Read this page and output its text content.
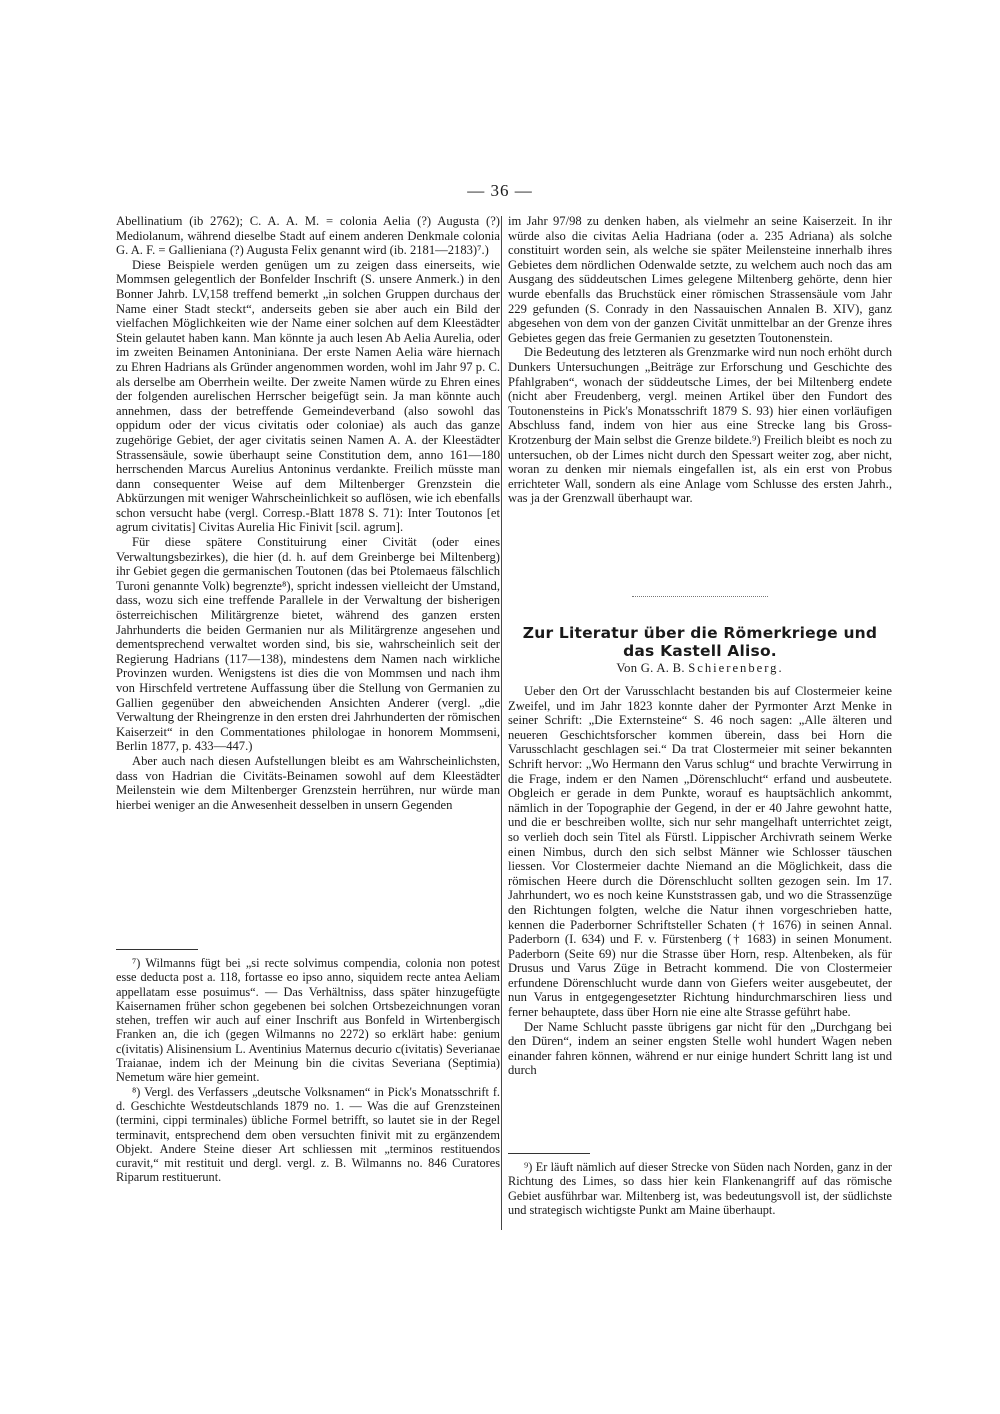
— 36 —

Abellinatium (ib 2762); C. A. A. M. = colonia Aelia (?) Augusta (?) Mediolanum, während dieselbe Stadt auf einem anderen Denkmale colonia G. A. F. = Gallieniana (?) Augusta Felix genannt wird (ib. 2181—2183)⁷.)

Diese Beispiele werden genügen um zu zeigen dass einerseits, wie Mommsen gelegentlich der Bonfelder Inschrift (S. unsere Anmerk.) in den Bonner Jahrb. LV,158 treffend bemerkt „in solchen Gruppen durchaus der Name einer Stadt steckt“, anderseits geben sie aber auch ein Bild der vielfachen Möglichkeiten wie der Name einer solchen auf dem Kleestädter Stein gelautet haben kann. Man könnte ja auch lesen Ab Aelia Aurelia, oder im zweiten Beinamen Antoniniana. Der erste Namen Aelia wäre hiernach zu Ehren Hadrians als Gründer angenommen worden, wohl im Jahr 97 p. C. als derselbe am Oberrhein weilte. Der zweite Namen würde zu Ehren eines der folgenden aurelischen Herrscher beigefügt sein. Ja man könnte auch annehmen, dass der betreffende Gemeindeverband (also sowohl das oppidum oder der vicus civitatis oder coloniae) als auch das ganze zugehörige Gebiet, der ager civitatis seinen Namen A. A. der Kleestädter Strassensäule, sowie überhaupt seine Constitution dem, anno 161—180 herrschenden Marcus Aurelius Antoninus verdankte. Freilich müsste man dann consequenter Weise auf dem Miltenberger Grenzstein die Abkürzungen mit weniger Wahrscheinlichkeit so auflösen, wie ich ebenfalls schon versucht habe (vergl. Corresp.-Blatt 1878 S. 71): Inter Toutonos [et agrum civitatis] Civitas Aurelia Hic Finivit [scil. agrum].

Für diese spätere Constituirung einer Civität (oder eines Verwaltungsbezirkes), die hier (d. h. auf dem Greinberge bei Miltenberg) ihr Gebiet gegen die germanischen Toutonen (das bei Ptolemaeus fälschlich Turoni genannte Volk) begrenzte⁸), spricht indessen vielleicht der Umstand, dass, wozu sich eine treffende Parallele in der Verwaltung der bisherigen österreichischen Militärgrenze bietet, während des ganzen ersten Jahrhunderts die beiden Germanien nur als Militärgrenze angesehen und dementsprechend verwaltet worden sind, bis sie, wahrscheinlich seit der Regierung Hadrians (117—138), mindestens dem Namen nach wirkliche Provinzen wurden. Wenigstens ist dies die von Mommsen und nach ihm von Hirschfeld vertretene Auffassung über die Stellung von Germanien zu Gallien gegenüber den abweichenden Ansichten Anderer (vergl. „die Verwaltung der Rheingrenze in den ersten drei Jahrhunderten der römischen Kaiserzeit“ in den Commentationes philologae in honorem Mommseni, Berlin 1877, p. 433—447.)

Aber auch nach diesen Aufstellungen bleibt es am Wahrscheinlichsten, dass von Hadrian die Civitäts-Beinamen sowohl auf dem Kleestädter Meilenstein wie dem Miltenberger Grenzstein herrühren, nur würde man hierbei weniger an die Anwesenheit desselben in unsern Gegenden

⁷) Wilmanns fügt bei „si recte solvimus compendia, colonia non potest esse deducta post a. 118, fortasse eo ipso anno, siquidem recte antea Aeliam appellatam esse posuimus“. — Das Verhältniss, dass später hinzugefügte Kaisernamen früher schon gegebenen bei solchen Ortsbezeichnungen voran stehen, treffen wir auch auf einer Inschrift aus Bonfeld in Wirtenbergisch Franken an, die ich (gegen Wilmanns no 2272) so erklärt habe: genium c(ivitatis) Alisinensium L. Aventinius Maternus decurio c(ivitatis) Severianae Traianae, indem ich der Meinung bin die civitas Severiana (Septimia) Nemetum wäre hier gemeint.

⁸) Vergl. des Verfassers „deutsche Volksnamen“ in Pick's Monatsschrift f. d. Geschichte Westdeutschlands 1879 no. 1. — Was die auf Grenzsteinen (termini, cippi terminales) übliche Formel betrifft, so lautet sie in der Regel terminavit, entsprechend dem oben versuchten finivit mit zu ergänzendem Objekt. Andere Steine dieser Art schliessen mit „terminos restituendos curavit,“ mit restituit und dergl. vergl. z. B. Wilmanns no. 846 Curatores Riparum restituerunt.

im Jahr 97/98 zu denken haben, als vielmehr an seine Kaiserzeit. In ihr würde also die civitas Aelia Hadriana (oder a. 235 Adriana) als solche constituirt worden sein, als welche sie später Meilensteine innerhalb ihres Gebietes dem nördlichen Odenwalde setzte, zu welchem auch noch das am Ausgang des süddeutschen Limes gelegene Miltenberg gehörte, denn hier wurde ebenfalls das Bruchstück einer römischen Strassensäule vom Jahr 229 gefunden (S. Conrady in den Nassauischen Annalen B. XIV), ganz abgesehen von dem von der ganzen Civität unmittelbar an der Grenze ihres Gebietes gegen das freie Germanien zu gesetzten Toutonenstein.

Die Bedeutung des letzteren als Grenzmarke wird nun noch erhöht durch Dunkers Untersuchungen „Beiträge zur Erforschung und Geschichte des Pfahlgraben“, wonach der süddeutsche Limes, der bei Miltenberg endete (nicht aber Freudenberg, vergl. meinen Artikel über den Fundort des Toutonensteins in Pick's Monatsschrift 1879 S. 93) hier einen vorläufigen Abschluss fand, indem von hier aus eine Strecke lang bis Gross-Krotzenburg der Main selbst die Grenze bildete.⁹) Freilich bleibt es noch zu untersuchen, ob der Limes nicht durch den Spessart weiter zog, aber nicht, woran zu denken mir niemals eingefallen ist, als ein erst von Probus errichteter Wall, sondern als eine Anlage vom Schlusse des ersten Jahrh., was ja der Grenzwall überhaupt war.

Zur Literatur über die Römerkriege und das Kastell Aliso.
Von G. A. B. Schierenberg.

Ueber den Ort der Varusschlacht bestanden bis auf Clostermeier keine Zweifel, und im Jahr 1823 konnte daher der Pyrmonter Arzt Menke in seiner Schrift: „Die Externsteine“ S. 46 noch sagen: „Alle älteren und neueren Geschichtsforscher kommen überein, dass bei Horn die Varusschlacht geschlagen sei.“ Da trat Clostermeier mit seiner bekannten Schrift hervor: „Wo Hermann den Varus schlug“ und brachte Verwirrung in die Frage, indem er den Namen „Dörenschlucht“ erfand und ausbeutete. Obgleich er gerade in dem Punkte, worauf es hauptsächlich ankommt, nämlich in der Topographie der Gegend, in der er 40 Jahre gewohnt hatte, und die er beschreiben wollte, sich nur sehr mangelhaft unterrichtet zeigt, so verlieh doch sein Titel als Fürstl. Lippischer Archivrath seinem Werke einen Nimbus, durch den sich selbst Männer wie Schlosser täuschen liessen. Vor Clostermeier dachte Niemand an die Möglichkeit, dass die römischen Heere durch die Dörenschlucht sollten gezogen sein. Im 17. Jahrhundert, wo es noch keine Kunststrassen gab, und wo die Strassenzüge den Richtungen folgten, welche die Natur ihnen vorgeschrieben hatte, kennen die Paderborner Schriftsteller Schaten († 1676) in seinen Annal. Paderborn (I. 634) und F. v. Fürstenberg († 1683) in seinen Monument. Paderborn (Seite 69) nur die Strasse über Horn, resp. Altenbeken, als für Drusus und Varus Züge in Betracht kommend. Die von Clostermeier erfundene Dörenschlucht wurde dann von Giefers weiter ausgebeutet, der nun Varus in entgegengesetzter Richtung hindurchmarschiren liess und ferner behauptete, dass über Horn nie eine alte Strasse geführt habe.

Der Name Schlucht passte übrigens gar nicht für den „Durchgang bei den Düren“, indem an seiner engsten Stelle wohl hundert Wagen neben einander fahren können, während er nur einige hundert Schritt lang ist und durch

⁹) Er läuft nämlich auf dieser Strecke von Süden nach Norden, ganz in der Richtung des Limes, so dass hier kein Flankenangriff auf das römische Gebiet ausführbar war. Miltenberg ist, was bedeutungsvoll ist, der südlichste und strategisch wichtigste Punkt am Maine überhaupt.
